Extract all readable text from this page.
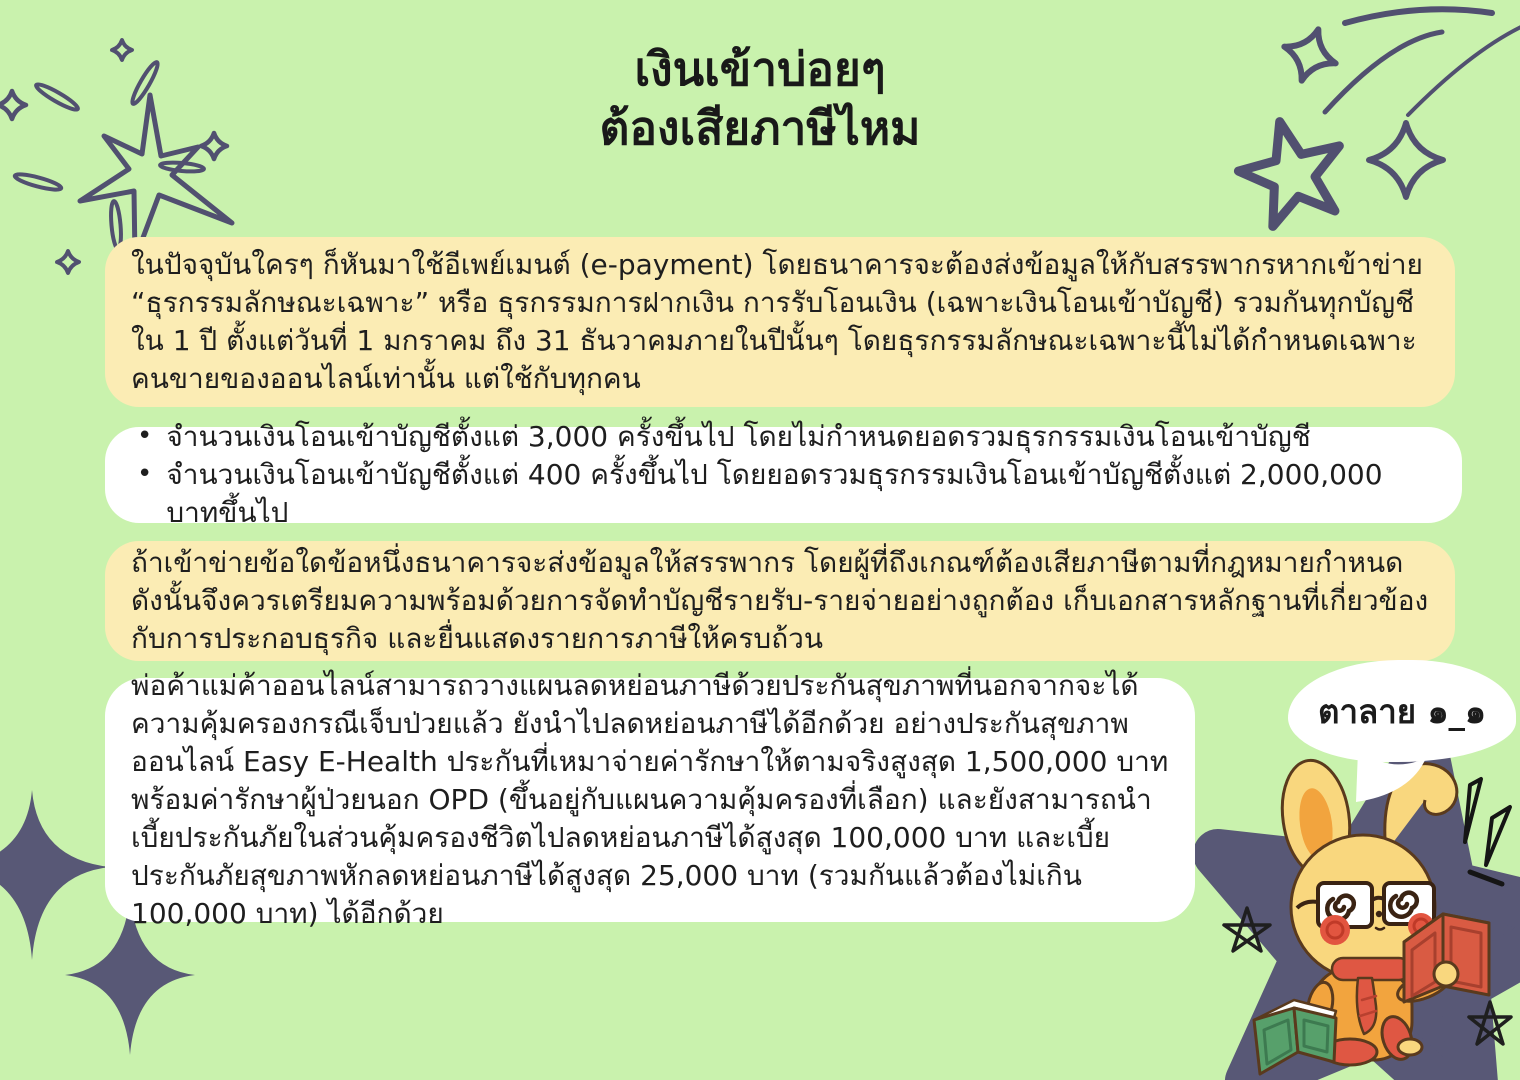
เงินเข้าบ่อยๆ
ต้องเสียภาษีไหม
ในปัจจุบันใครๆ ก็หันมาใช้อีเพย์เมนต์ (e-payment) โดยธนาคารจะต้องส่งข้อมูลให้กับสรรพากรหากเข้าข่าย “ธุรกรรมลักษณะเฉพาะ” หรือ ธุรกรรมการฝากเงิน การรับโอนเงิน (เฉพาะเงินโอนเข้าบัญชี) รวมกันทุกบัญชี ใน 1 ปี ตั้งแต่วันที่ 1 มกราคม ถึง 31 ธันวาคมภายในปีนั้นๆ โดยธุรกรรมลักษณะเฉพาะนี้ไม่ได้กำหนดเฉพาะคนขายของออนไลน์เท่านั้น แต่ใช้กับทุกคน
• จำนวนเงินโอนเข้าบัญชีตั้งแต่ 3,000 ครั้งขึ้นไป โดยไม่กำหนดยอดรวมธุรกรรมเงินโอนเข้าบัญชี
• จำนวนเงินโอนเข้าบัญชีตั้งแต่ 400 ครั้งขึ้นไป โดยยอดรวมธุรกรรมเงินโอนเข้าบัญชีตั้งแต่ 2,000,000 บาทขึ้นไป
ถ้าเข้าข่ายข้อใดข้อหนึ่งธนาคารจะส่งข้อมูลให้สรรพากร โดยผู้ที่ถึงเกณฑ์ต้องเสียภาษีตามที่กฎหมายกำหนด ดังนั้นจึงควรเตรียมความพร้อมด้วยการจัดทำบัญชีรายรับ-รายจ่ายอย่างถูกต้อง เก็บเอกสารหลักฐานที่เกี่ยวข้องกับการประกอบธุรกิจ และยื่นแสดงรายการภาษีให้ครบถ้วน
พ่อค้าแม่ค้าออนไลน์สามารถวางแผนลดหย่อนภาษีด้วยประกันสุขภาพที่นอกจากจะได้ความคุ้มครองกรณีเจ็บป่วยแล้ว ยังนำไปลดหย่อนภาษีได้อีกด้วย อย่างประกันสุขภาพออนไลน์ Easy E-Health ประกันที่เหมาจ่ายค่ารักษาให้ตามจริงสูงสุด 1,500,000 บาท พร้อมค่ารักษาผู้ป่วยนอก OPD (ขึ้นอยู่กับแผนความคุ้มครองที่เลือก) และยังสามารถนำเบี้ยประกันภัยในส่วนคุ้มครองชีวิตไปลดหย่อนภาษีได้สูงสุด 100,000 บาท และเบี้ยประกันภัยสุขภาพหักลดหย่อนภาษีได้สูงสุด 25,000 บาท (รวมกันแล้วต้องไม่เกิน 100,000 บาท) ได้อีกด้วย
ตาลาย ๑_๑
